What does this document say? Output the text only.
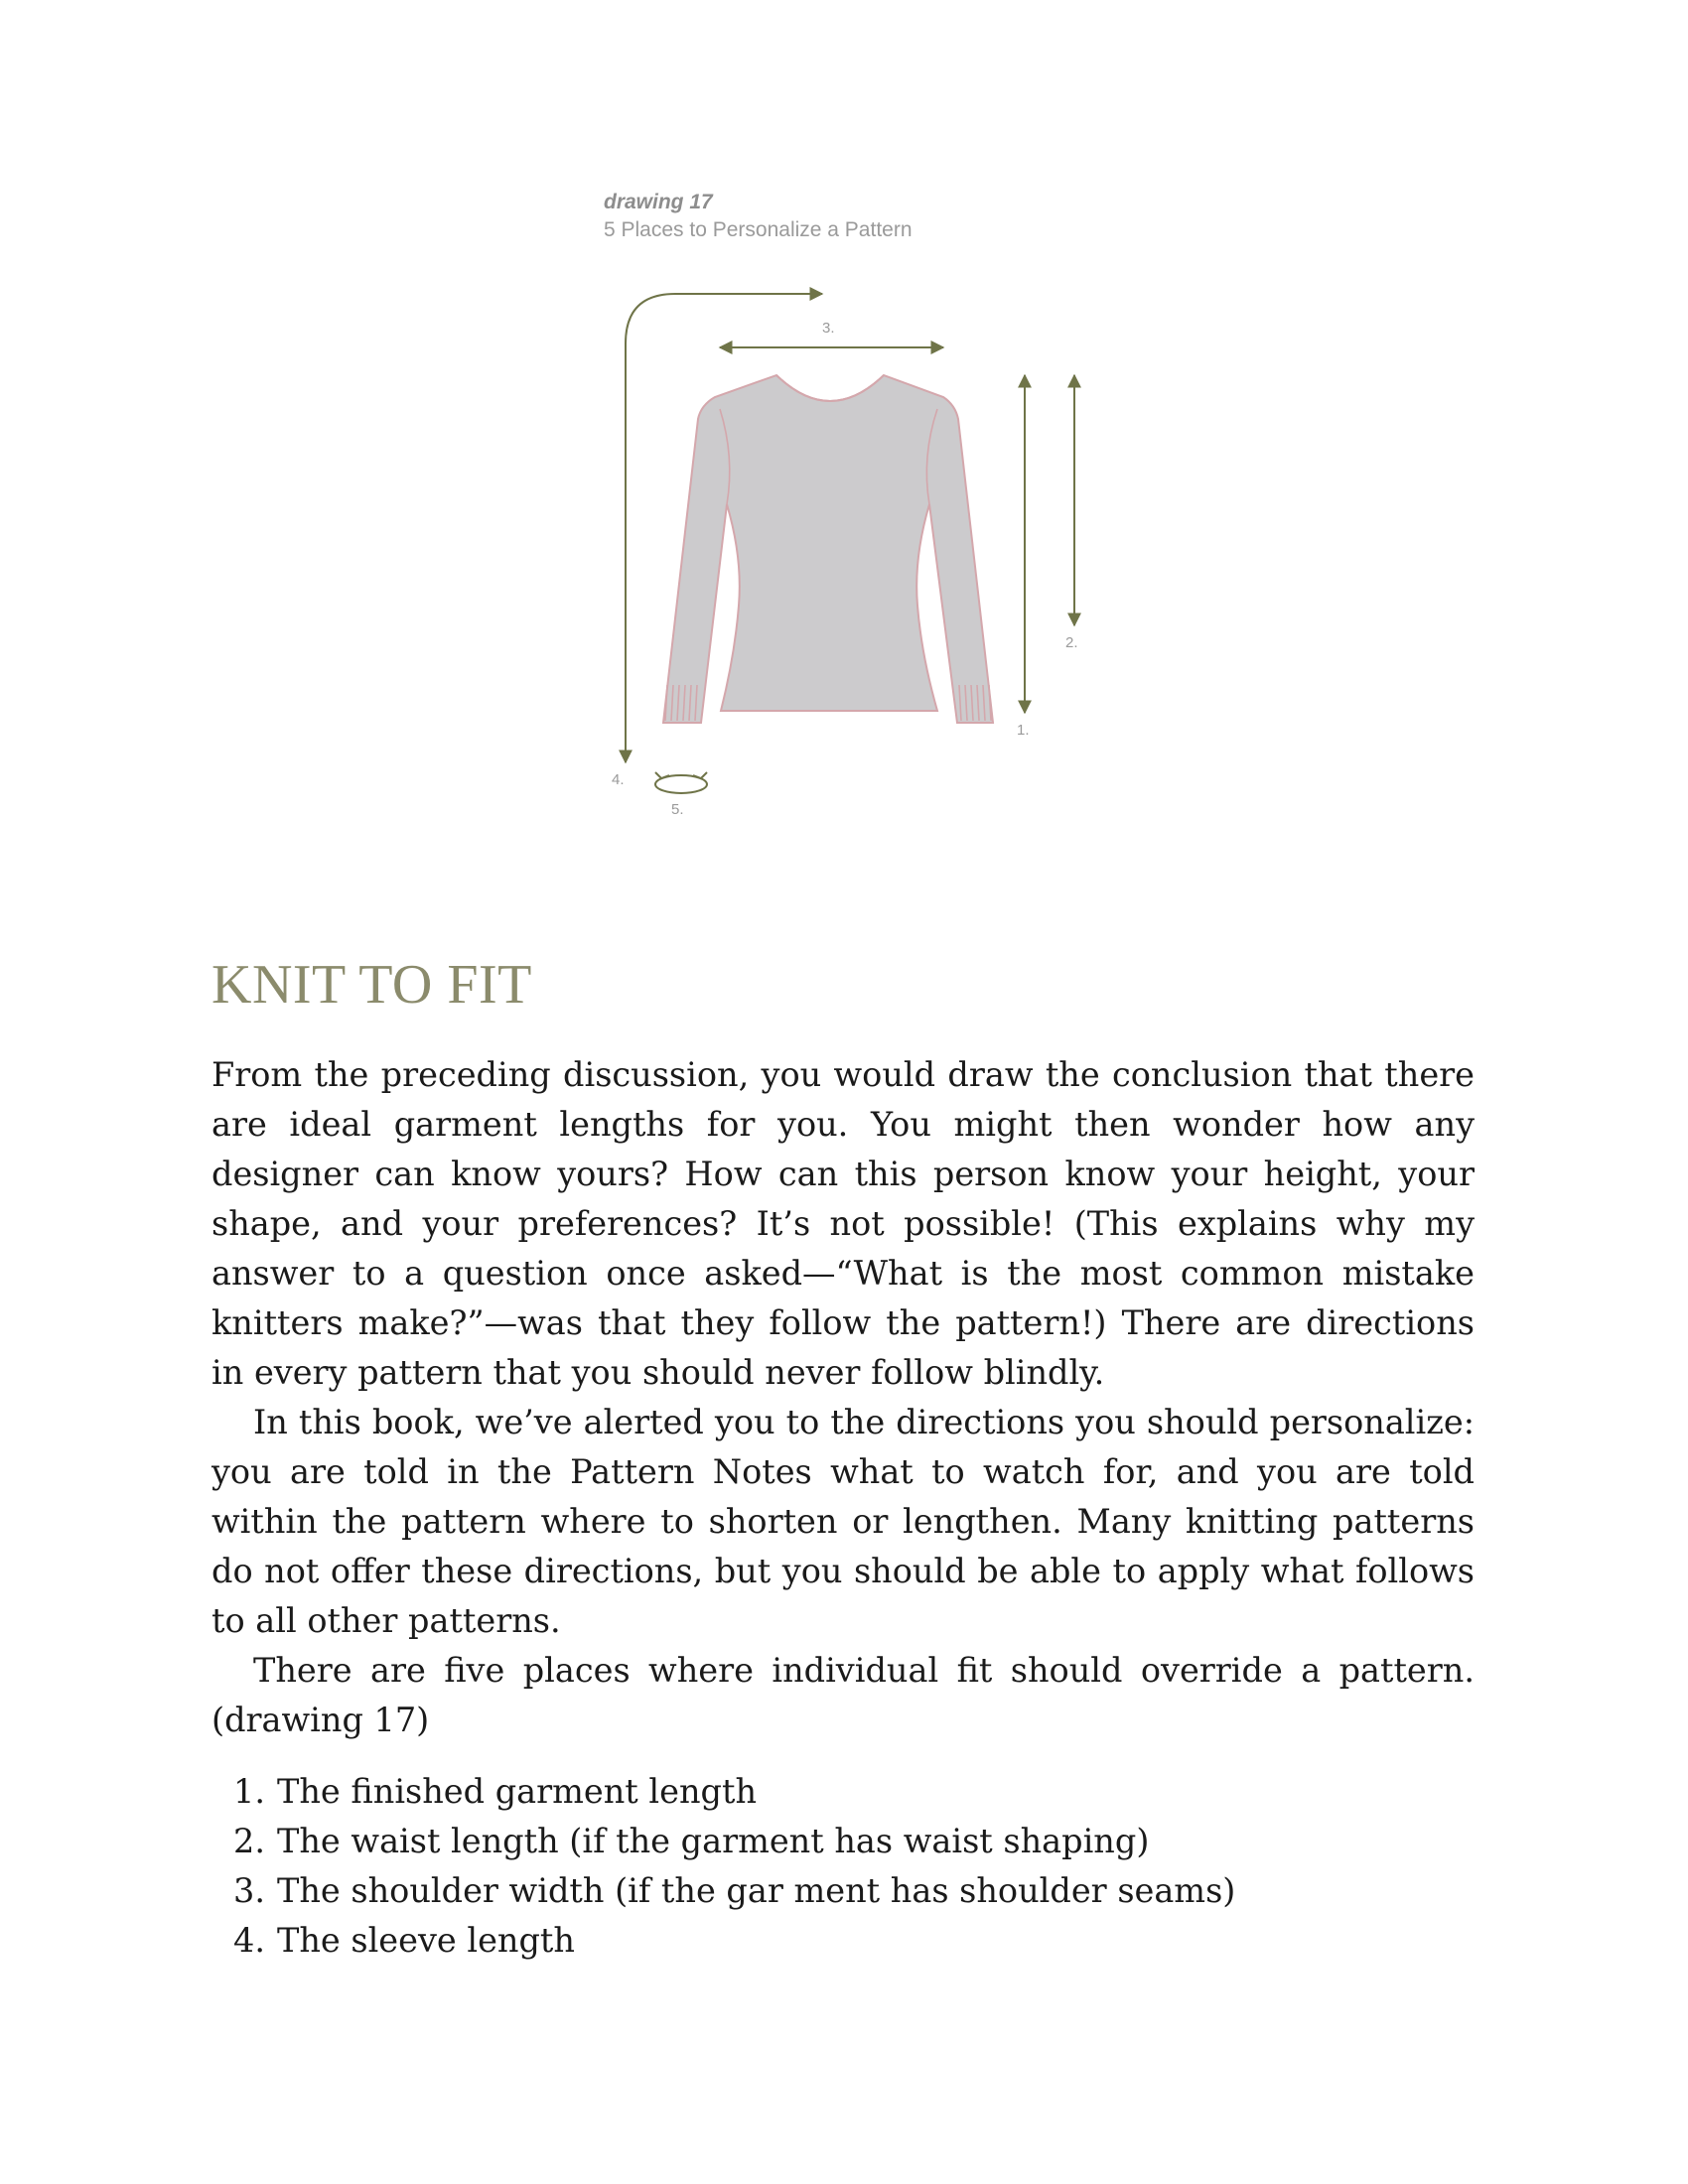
3.
2.
1.
4.
5.
drawing 17
5 Places to Personalize a Pattern
KNIT TO FIT

From the preceding discussion, you would draw the conclusion that there are ideal garment lengths for you. You might then wonder how any designer can know yours? How can this person know your height, your shape, and your preferences? It’s not possible! (This explains why my answer to a question once asked—“What is the most common mistake knitters make?”—was that they follow the pattern!) There are directions in every pattern that you should never follow blindly.

In this book, we’ve alerted you to the directions you should personalize: you are told in the Pattern Notes what to watch for, and you are told within the pattern where to shorten or lengthen. Many knitting patterns do not offer these directions, but you should be able to apply what follows to all other patterns.

There are five places where individual fit should override a pattern. (drawing 17)

1. The finished garment length
2. The waist length (if the garment has waist shaping)
3. The shoulder width (if the gar ment has shoulder seams)
4. The sleeve length
